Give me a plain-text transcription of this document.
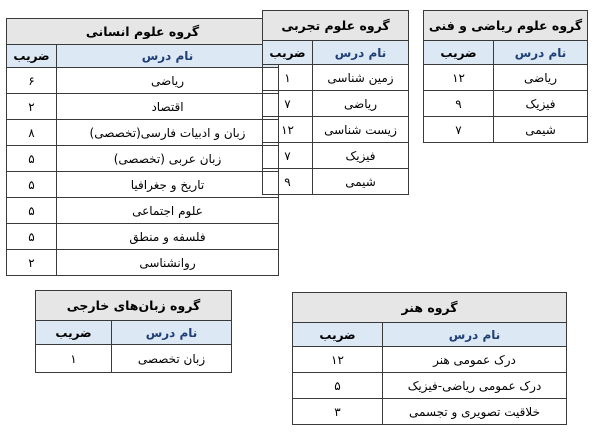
گروه علوم انسانی	
نام درس	ضریب
ریاضی	۶
اقتصاد	۲
زبان و ادبیات فارسی(تخصصی)	۸
زبان عربی (تخصصی)	۵
تاریخ و جغرافیا	۵
علوم اجتماعی	۵
فلسفه و منطق	۵
روانشناسی	۲
گروه علوم تجربی	
نام درس	ضریب
زمین شناسی	۱
ریاضی	۷
زیست شناسی	۱۲
فیزیک	۷
شیمی	۹
گروه علوم ریاضی و فنی	
نام درس	ضریب
ریاضی	۱۲
فیزیک	۹
شیمی	۷
گروه زبان‌های خارجی	
نام درس	ضریب
زبان تخصصی	۱
گروه هنر	
نام درس	ضریب
درک عمومی هنر	۱۲
درک عمومی ریاضی-فیزیک	۵
خلاقیت تصویری و تجسمی	۳
